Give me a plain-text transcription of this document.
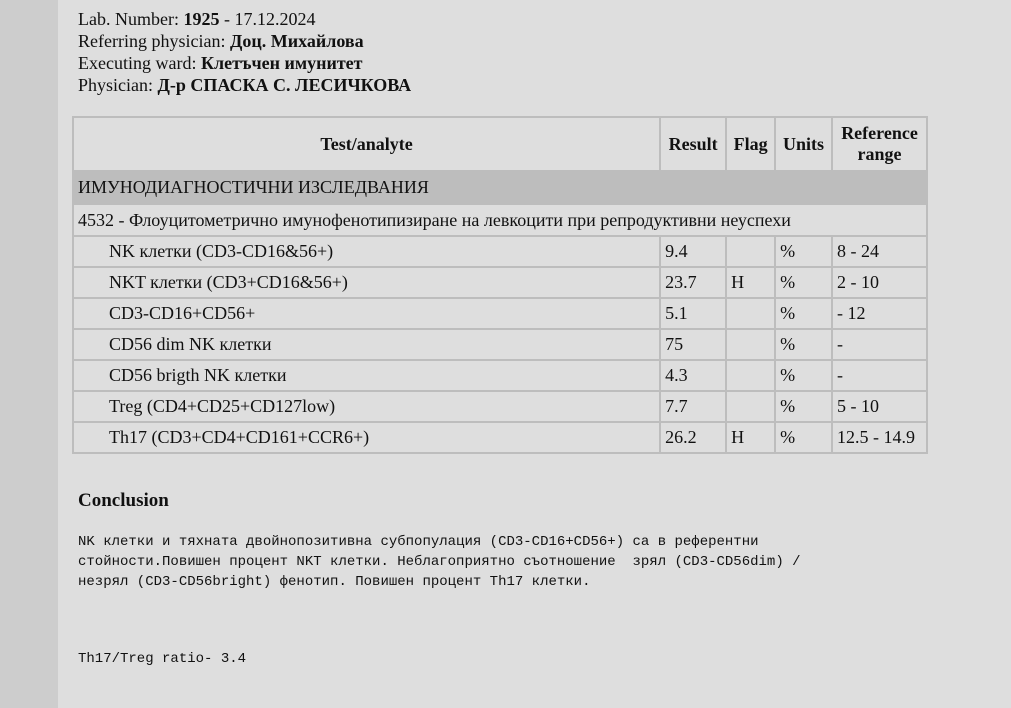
Lab. Number: 1925 - 17.12.2024
Referring physician: Доц. Михайлова
Executing ward: Клетъчен имунитет
Physician: Д-р СПАСКА С. ЛЕСИЧКОВА
Test/analyte	Result	Flag	Units	Reference
range
ИМУНОДИАГНОСТИЧНИ ИЗСЛЕДВАНИЯ				
4532 - Флоуцитометрично имунофенотипизиране на левкоцити при репродуктивни неуспехи				
NK клетки (CD3-CD16&56+)	9.4		%	8 - 24
NKT клетки (CD3+CD16&56+)	23.7	H	%	2 - 10
CD3-CD16+CD56+	5.1		%	- 12
CD56 dim NK клетки	75		%	-
CD56 brigth NK клетки	4.3		%	-
Treg (CD4+CD25+CD127low)	7.7		%	5 - 10
Th17 (CD3+CD4+CD161+CCR6+)	26.2	H	%	12.5 - 14.9
Conclusion
NK клетки и тяхната двойнопозитивна субпопулация (CD3-CD16+CD56+) са в референтни
стойности.Повишен процент NKT клетки. Неблагоприятно съотношение  зрял (CD3-CD56dim) /
незрял (CD3-CD56bright) фенотип. Повишен процент Th17 клетки.
Th17/Treg ratio- 3.4
